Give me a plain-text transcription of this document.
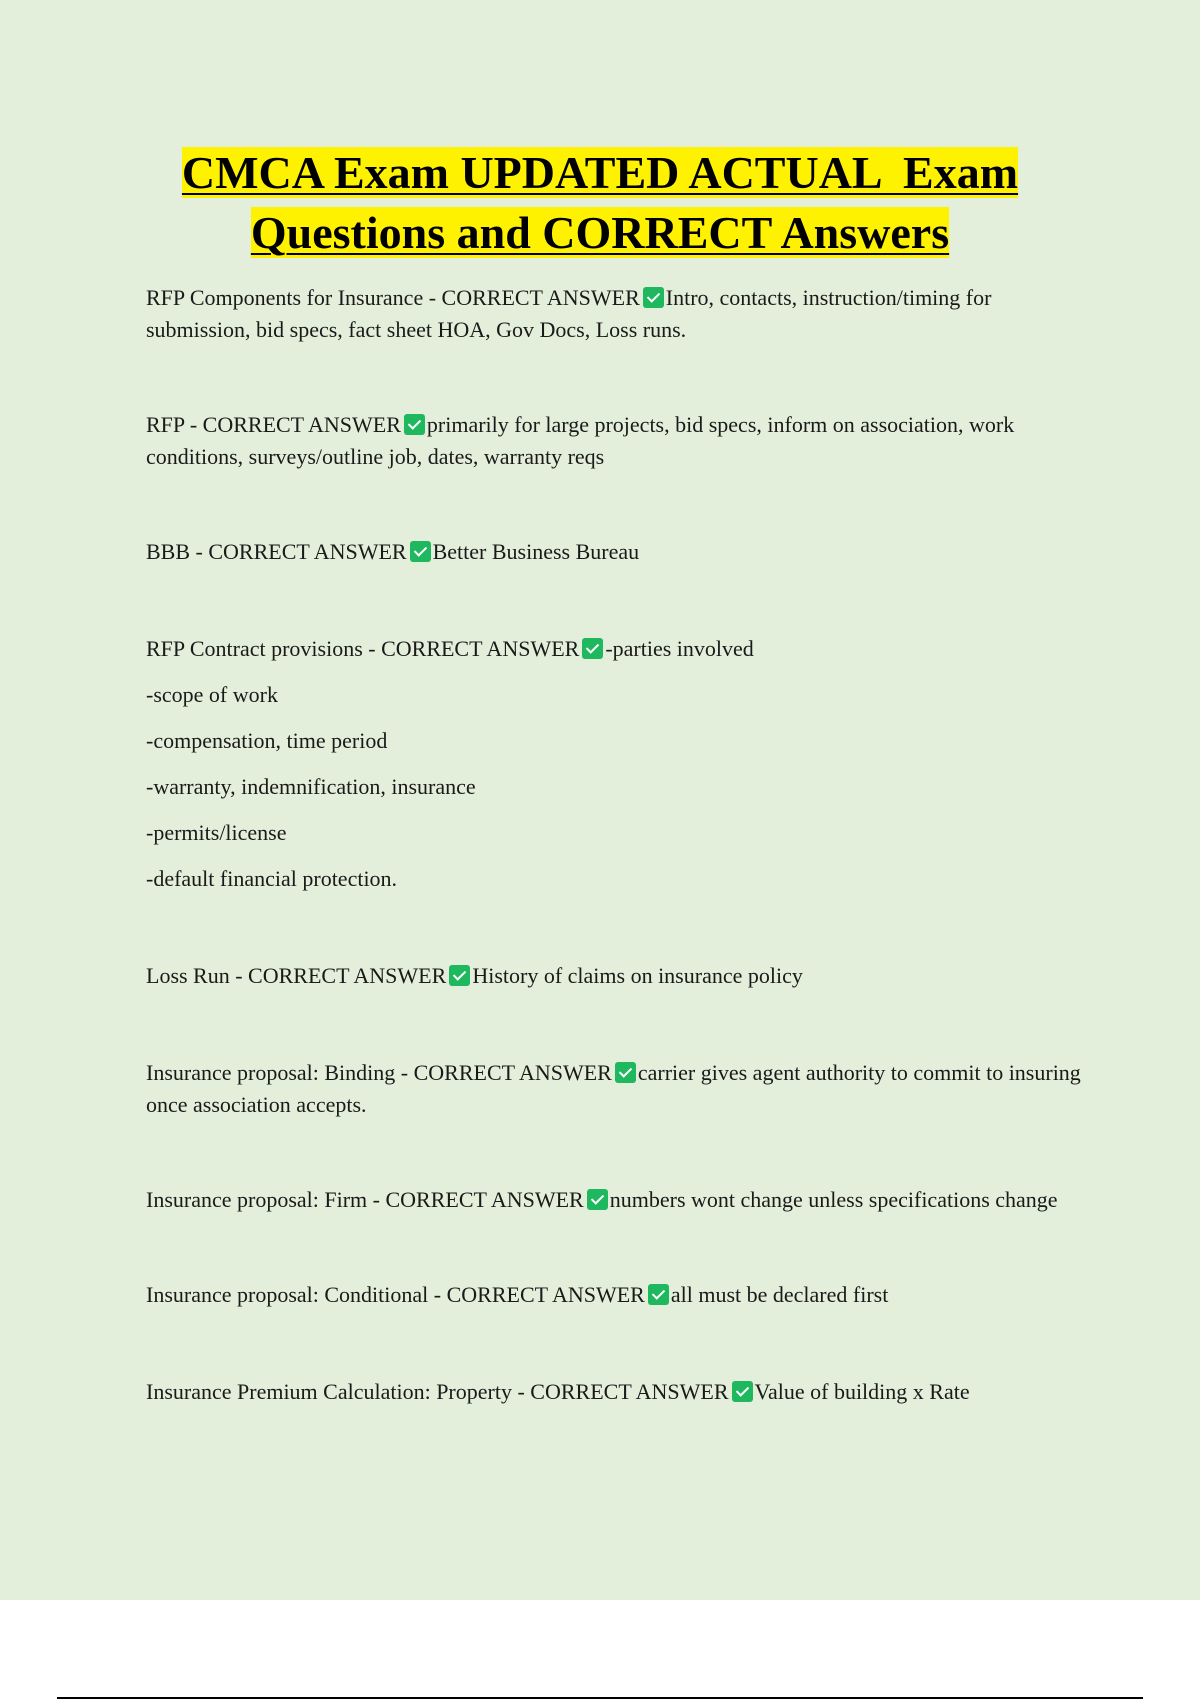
CMCA Exam UPDATED ACTUAL  Exam
Questions and CORRECT Answers

RFP Components for Insurance - CORRECT ANSWER Intro, contacts, instruction/timing for submission, bid specs, fact sheet HOA, Gov Docs, Loss runs.

RFP - CORRECT ANSWER primarily for large projects, bid specs, inform on association, work conditions, surveys/outline job, dates, warranty reqs

BBB - CORRECT ANSWER Better Business Bureau

RFP Contract provisions - CORRECT ANSWER -parties involved

-scope of work

-compensation, time period

-warranty, indemnification, insurance

-permits/license

-default financial protection.

Loss Run - CORRECT ANSWER History of claims on insurance policy

Insurance proposal: Binding - CORRECT ANSWER carrier gives agent authority to commit to insuring once association accepts.

Insurance proposal: Firm - CORRECT ANSWER numbers wont change unless specifications change

Insurance proposal: Conditional - CORRECT ANSWER all must be declared first

Insurance Premium Calculation: Property - CORRECT ANSWER Value of building x Rate
